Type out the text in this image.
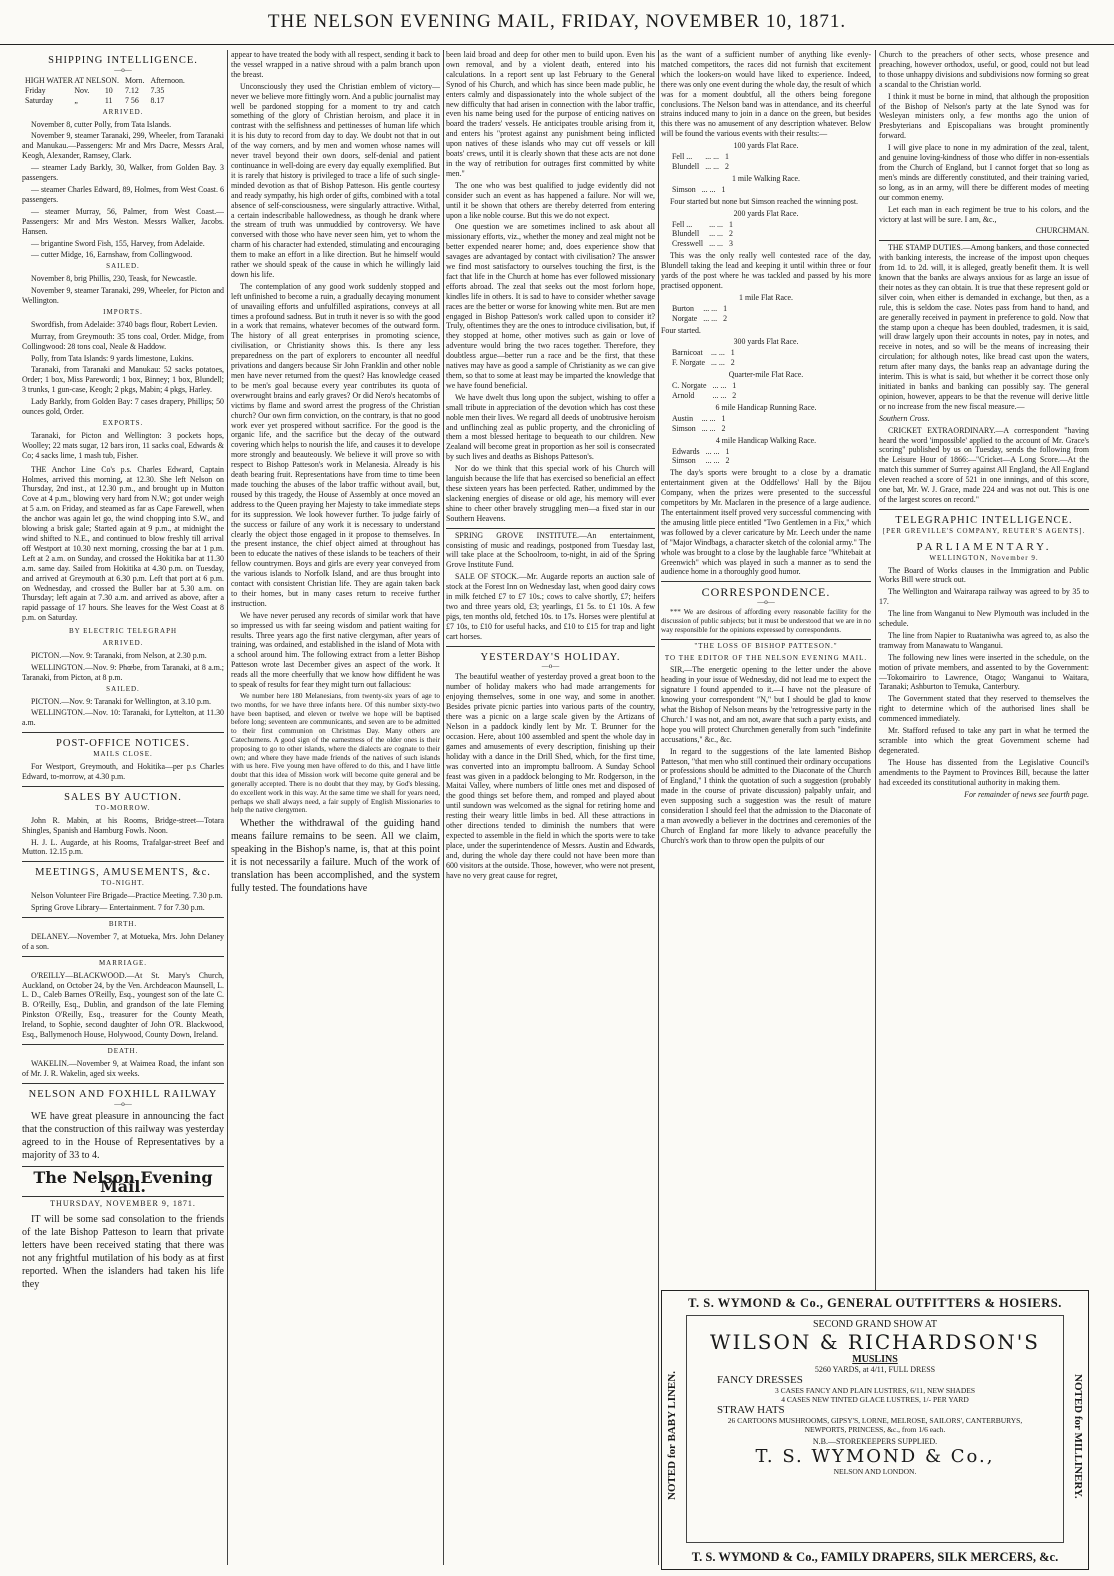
THE NELSON EVENING MAIL, FRIDAY, NOVEMBER 10, 1871.
SHIPPING INTELLIGENCE.
—o—
HIGH WATER AT NELSON.			Morn.	Afternoon.
Friday	Nov.	10	7.12	7.35
Saturday	„	11	7 56	8.17
ARRIVED.

November 8, cutter Polly, from Tata Islands.

November 9, steamer Taranaki, 299, Wheeler, from Taranaki and Manukau.—Passengers: Mr and Mrs Dacre, Messrs Aral, Keogh, Alexander, Ramsey, Clark.

— steamer Lady Barkly, 30, Walker, from Golden Bay. 3 passengers.

— steamer Charles Edward, 89, Holmes, from West Coast. 6 passengers.

— steamer Murray, 56, Palmer, from West Coast.—Passengers: Mr and Mrs Weston. Messrs Walker, Jacobs. Hansen.

— brigantine Sword Fish, 155, Harvey, from Adelaide.

— cutter Midge, 16, Earnshaw, from Collingwood.

SAILED.

November 8, brig Phillis, 230, Teask, for Newcastle.

November 9, steamer Taranaki, 299, Wheeler, for Picton and Wellington.

IMPORTS.

Swordfish, from Adelaide: 3740 bags flour, Robert Levien.

Murray, from Greymouth: 35 tons coal, Order. Midge, from Collingwood: 28 tons coal, Neale & Haddow.

Polly, from Tata Islands: 9 yards limestone, Lukins.

Taranaki, from Taranaki and Manukau: 52 sacks potatoes, Order; 1 box, Miss Parewordi; 1 box, Binney; 1 box, Blundell; 3 trunks, 1 gun-case, Keogh; 2 pkgs, Mabin; 4 pkgs, Harley.

Lady Barkly, from Golden Bay: 7 cases drapery, Phillips; 50 ounces gold, Order.

EXPORTS.

Taranaki, for Picton and Wellington: 3 pockets hops, Woolley; 22 mats sugar, 12 bars iron, 11 sacks coal, Edwards & Co; 4 sacks lime, 1 mash tub, Fisher.

THE Anchor Line Co's p.s. Charles Edward, Captain Holmes, arrived this morning, at 12.30. She left Nelson on Thursday, 2nd inst., at 12.30 p.m., and brought up in Mutton Cove at 4 p.m., blowing very hard from N.W.; got under weigh at 5 a.m. on Friday, and steamed as far as Cape Farewell, when the anchor was again let go, the wind chopping into S.W., and blowing a brisk gale; Started again at 9 p.m., at midnight the wind shifted to N.E., and continued to blow freshly till arrival off Westport at 10.30 next morning, crossing the bar at 1 p.m. Left at 2 a.m. on Sunday, and crossed the Hokitika bar at 11.30 a.m. same day. Sailed from Hokitika at 4.30 p.m. on Tuesday, and arrived at Greymouth at 6.30 p.m. Left that port at 6 p.m. on Wednesday, and crossed the Buller bar at 5.30 a.m. on Thursday; left again at 7.30 a.m. and arrived as above, after a rapid passage of 17 hours. She leaves for the West Coast at 8 p.m. on Saturday.

BY ELECTRIC TELEGRAPH
ARRIVED.

PICTON.—Nov. 9: Taranaki, from Nelson, at 2.30 p.m.

WELLINGTON.—Nov. 9: Phœbe, from Taranaki, at 8 a.m.; Taranaki, from Picton, at 8 p.m.

SAILED.

PICTON.—Nov. 9: Taranaki for Wellington, at 3.10 p.m.

WELLINGTON.—Nov. 10: Taranaki, for Lyttelton, at 11.30 a.m.

POST-OFFICE NOTICES.
MAILS CLOSE.

For Westport, Greymouth, and Hokitika—per p.s Charles Edward, to-morrow, at 4.30 p.m.

SALES BY AUCTION.
TO-MORROW.

John R. Mabin, at his Rooms, Bridge-street—Totara Shingles, Spanish and Hamburg Fowls. Noon.

H. J. L. Augarde, at his Rooms, Trafalgar-street Beef and Mutton. 12.15 p.m.

MEETINGS, AMUSEMENTS, &c.
TO-NIGHT.

Nelson Volunteer Fire Brigade—Practice Meeting. 7.30 p.m.

Spring Grove Library— Entertainment. 7 for 7.30 p.m.

BIRTH.

DELANEY.—November 7, at Motueka, Mrs. John Delaney of a son.

MARRIAGE.

O'REILLY—BLACKWOOD.—At St. Mary's Church, Auckland, on October 24, by the Ven. Archdeacon Maunsell, L. L. D., Caleb Barnes O'Reilly, Esq., youngest son of the late C. B. O'Reilly, Esq., Dublin, and grandson of the late Fleming Pinkston O'Reilly, Esq., treasurer for the County Meath, Ireland, to Sophie, second daughter of John O'R. Blackwood, Esq., Ballymenoch House, Holywood, County Down, Ireland.

DEATH.

WAKELIN.—November 9, at Waimea Road, the infant son of Mr. J. R. Wakelin, aged six weeks.

NELSON AND FOXHILL RAILWAY
—o—

WE have great pleasure in announcing the fact that the construction of this railway was yesterday agreed to in the House of Representatives by a majority of 33 to 4.

The Nelson Evening Mail.
THURSDAY, NOVEMBER 9, 1871.

IT will be some sad consolation to the friends of the late Bishop Patteson to learn that private letters have been received stating that there was not any frightful mutilation of his body as at first reported. When the islanders had taken his life they

appear to have treated the body with all respect, sending it back to the vessel wrapped in a native shroud with a palm branch upon the breast.

Unconsciously they used the Christian emblem of victory—never we believe more fittingly worn. And a public journalist may well be pardoned stopping for a moment to try and catch something of the glory of Christian heroism, and place it in contrast with the selfishness and pettinesses of human life which it is his duty to record from day to day. We doubt not that in out of the way corners, and by men and women whose names will never travel beyond their own doors, self-denial and patient continuance in well-doing are every day equally exemplified. But it is rarely that history is privileged to trace a life of such single-minded devotion as that of Bishop Patteson. His gentle courtesy and ready sympathy, his high order of gifts, combined with a total absence of self-consciousness, were singularly attractive. Withal, a certain indescribable hallowedness, as though he drank where the stream of truth was unmuddied by controversy. We have conversed with those who have never seen him, yet to whom the charm of his character had extended, stimulating and encouraging them to make an effort in a like direction. But he himself would rather we should speak of the cause in which he willingly laid down his life.

The contemplation of any good work suddenly stopped and left unfinished to become a ruin, a gradually decaying monument of unavailing efforts and unfulfilled aspirations, conveys at all times a profound sadness. But in truth it never is so with the good in a work that remains, whatever becomes of the outward form. The history of all great enterprises in promoting science, civilisation, or Christianity shows this. Is there any less preparedness on the part of explorers to encounter all needful privations and dangers because Sir John Franklin and other noble men have never returned from the quest? Has knowledge ceased to be men's goal because every year contributes its quota of overwrought brains and early graves? Or did Nero's hecatombs of victims by flame and sword arrest the progress of the Christian church? Our own firm conviction, on the contrary, is that no good work ever yet prospered without sacrifice. For the good is the organic life, and the sacrifice but the decay of the outward covering which helps to nourish the life, and causes it to develope more strongly and beauteously. We believe it will prove so with respect to Bishop Patteson's work in Melanesia. Already is his death bearing fruit. Representations have from time to time been made touching the abuses of the labor traffic without avail, but, roused by this tragedy, the House of Assembly at once moved an address to the Queen praying her Majesty to take immediate steps for its suppression. We look however further. To judge fairly of the success or failure of any work it is necessary to understand clearly the object those engaged in it propose to themselves. In the present instance, the chief object aimed at throughout has been to educate the natives of these islands to be teachers of their fellow countrymen. Boys and girls are every year conveyed from the various islands to Norfolk Island, and are thus brought into contact with consistent Christian life. They are again taken back to their homes, but in many cases return to receive further instruction.

We have never perused any records of similar work that have so impressed us with far seeing wisdom and patient waiting for results. Three years ago the first native clergyman, after years of training, was ordained, and established in the island of Mota with a school around him. The following extract from a letter Bishop Patteson wrote last December gives an aspect of the work. It reads all the more cheerfully that we know how diffident he was to speak of results for fear they might turn out fallacious:

We number here 180 Melanesians, from twenty-six years of age to two months, for we have three infants here. Of this number sixty-two have been baptised, and eleven or twelve we hope will be baptised before long; seventeen are communicants, and seven are to be admitted to their first communion on Christmas Day. Many others are Catechumens. A good sign of the earnestness of the older ones is their proposing to go to other islands, where the dialects are cognate to their own; and where they have made friends of the natives of such islands with us here. Five young men have offered to do this, and I have little doubt that this idea of Mission work will become quite general and be generally accepted. There is no doubt that they may, by God's blessing, do excellent work in this way. At the same time we shall for years need, perhaps we shall always need, a fair supply of English Missionaries to help the native clergymen.

Whether the withdrawal of the guiding hand means failure remains to be seen. All we claim, speaking in the Bishop's name, is, that at this point it is not necessarily a failure. Much of the work of translation has been accomplished, and the system fully tested. The foundations have

been laid broad and deep for other men to build upon. Even his own removal, and by a violent death, entered into his calculations. In a report sent up last February to the General Synod of his Church, and which has since been made public, he enters calmly and dispassionately into the whole subject of the new difficulty that had arisen in connection with the labor traffic, even his name being used for the purpose of enticing natives on board the traders' vessels. He anticipates trouble arising from it, and enters his "protest against any punishment being inflicted upon natives of these islands who may cut off vessels or kill boats' crews, until it is clearly shown that these acts are not done in the way of retribution for outrages first committed by white men."

The one who was best qualified to judge evidently did not consider such an event as has happened a failure. Nor will we, until it be shown that others are thereby deterred from entering upon a like noble course. But this we do not expect.

One question we are sometimes inclined to ask about all missionary efforts, viz., whether the money and zeal might not be better expended nearer home; and, does experience show that savages are advantaged by contact with civilisation? The answer we find most satisfactory to ourselves touching the first, is the fact that life in the Church at home has ever followed missionary efforts abroad. The zeal that seeks out the most forlorn hope, kindles life in others. It is sad to have to consider whether savage races are the better or worse for knowing white men. But are men engaged in Bishop Patteson's work called upon to consider it? Truly, oftentimes they are the ones to introduce civilisation, but, if they stopped at home, other motives such as gain or love of adventure would bring the two races together. Therefore, they doubtless argue—better run a race and be the first, that these natives may have as good a sample of Christianity as we can give them, so that to some at least may be imparted the knowledge that we have found beneficial.

We have dwelt thus long upon the subject, wishing to offer a small tribute in appreciation of the devotion which has cost these noble men their lives. We regard all deeds of unobtrusive heroism and unflinching zeal as public property, and the chronicling of them a most blessed heritage to bequeath to our children. New Zealand will become great in proportion as her soil is consecrated by such lives and deaths as Bishops Patteson's.

Nor do we think that this special work of his Church will languish because the life that has exercised so beneficial an effect these sixteen years has been perfected. Rather, undimmed by the slackening energies of disease or old age, his memory will ever shine to cheer other bravely struggling men—a fixed star in our Southern Heavens.

SPRING GROVE INSTITUTE.—An entertainment, consisting of music and readings, postponed from Tuesday last, will take place at the Schoolroom, to-night, in aid of the Spring Grove Institute Fund.

SALE OF STOCK.—Mr. Augarde reports an auction sale of stock at the Forest Inn on Wednesday last, when good dairy cows in milk fetched £7 to £7 10s.; cows to calve shortly, £7; heifers two and three years old, £3; yearlings, £1 5s. to £1 10s. A few pigs, ten months old, fetched 10s. to 17s. Horses were plentiful at £7 10s, to £10 for useful hacks, and £10 to £15 for trap and light cart horses.

YESTERDAY'S HOLIDAY.
—o—

The beautiful weather of yesterday proved a great boon to the number of holiday makers who had made arrangements for enjoying themselves, some in one way, and some in another. Besides private picnic parties into various parts of the country, there was a picnic on a large scale given by the Artizans of Nelson in a paddock kindly lent by Mr. T. Brunner for the occasion. Here, about 100 assembled and spent the whole day in games and amusements of every description, finishing up their holiday with a dance in the Drill Shed, which, for the first time, was converted into an impromptu ballroom. A Sunday School feast was given in a paddock belonging to Mr. Rodgerson, in the Maitai Valley, where numbers of little ones met and disposed of the good things set before them, and romped and played about until sundown was welcomed as the signal for retiring home and resting their weary little limbs in bed. All these attractions in other directions tended to diminish the numbers that were expected to assemble in the field in which the sports were to take place, under the superintendence of Messrs. Austin and Edwards, and, during the whole day there could not have been more than 600 visitors at the outside. Those, however, who were not present, have no very great cause for regret,

as the want of a sufficient number of anything like evenly-matched competitors, the races did not furnish that excitement which the lookers-on would have liked to experience. Indeed, there was only one event during the whole day, the result of which was for a moment doubtful, all the others being foregone conclusions. The Nelson band was in attendance, and its cheerful strains induced many to join in a dance on the green, but besides this there was no amusement of any description whatever. Below will be found the various events with their results:—

100 yards Flat Race.
Fell ...	... ...	1
Blundell	... ...	2
1 mile Walking Race.
Simson	... ...	1

Four started but none but Simson reached the winning post.

200 yards Flat Race.
Fell ...	... ...	1
Blundell	... ...	2
Cresswell	... ...	3

This was the only really well contested race of the day, Blundell taking the lead and keeping it until within three or four yards of the post where he was tackled and passed by his more practised opponent.

1 mile Flat Race.
Burton	... ...	1
Norgate	... ...	2

Four started.

300 yards Flat Race.
Barnicoat	... ...	1
F. Norgate	... ...	2
Quarter-mile Flat Race.
C. Norgate	... ...	1
Arnold	... ...	2
6 mile Handicap Running Race.
Austin	... ...	1
Simson	... ...	2
4 mile Handicap Walking Race.
Edwards	... ...	1
Simson	... ...	2

The day's sports were brought to a close by a dramatic entertainment given at the Oddfellows' Hall by the Bijou Company, when the prizes were presented to the successful competitors by Mr. Maclaren in the presence of a large audience. The entertainment itself proved very successful commencing with the amusing little piece entitled "Two Gentlemen in a Fix," which was followed by a clever caricature by Mr. Leech under the name of "Major Windbags, a character sketch of the colonial army." The whole was brought to a close by the laughable farce "Whitebait at Greenwich" which was played in such a manner as to send the audience home in a thoroughly good humor.

CORRESPONDENCE.
—o—

*** We are desirous of affording every reasonable facility for the discussion of public subjects; but it must be understood that we are in no way responsible for the opinions expressed by correspondents.

"THE LOSS OF BISHOP PATTESON."
TO THE EDITOR OF THE NELSON EVENING MAIL.

SIR,—The energetic opening to the letter under the above heading in your issue of Wednesday, did not lead me to expect the signature I found appended to it.—I have not the pleasure of knowing your correspondent "N," but I should be glad to know what the Bishop of Nelson means by the 'retrogressive party in the Church.' I was not, and am not, aware that such a party exists, and hope you will protect Churchmen generally from such "indefinite accusations," &c., &c.

In regard to the suggestions of the late lamented Bishop Patteson, "that men who still continued their ordinary occupations or professions should be admitted to the Diaconate of the Church of England," I think the quotation of such a suggestion (probably made in the course of private discussion) palpably unfair, and even supposing such a suggestion was the result of mature consideration I should feel that the admission to the Diaconate of a man avowedly a believer in the doctrines and ceremonies of the Church of England far more likely to advance peacefully the Church's work than to throw open the pulpits of our

Church to the preachers of other sects, whose presence and preaching, however orthodox, useful, or good, could not but lead to those unhappy divisions and subdivisions now forming so great a scandal to the Christian world.

I think it must be borne in mind, that although the proposition of the Bishop of Nelson's party at the late Synod was for Wesleyan ministers only, a few months ago the union of Presbyterians and Episcopalians was brought prominently forward.

I will give place to none in my admiration of the zeal, talent, and genuine loving-kindness of those who differ in non-essentials from the Church of England, but I cannot forget that so long as men's minds are differently constituted, and their training varied, so long, as in an army, will there be different modes of meeting our common enemy.

Let each man in each regiment be true to his colors, and the victory at last will be sure. I am, &c.,

CHURCHMAN.

THE STAMP DUTIES.—Among bankers, and those connected with banking interests, the increase of the impost upon cheques from 1d. to 2d. will, it is alleged, greatly benefit them. It is well known that the banks are always anxious for as large an issue of their notes as they can obtain. It is true that these represent gold or silver coin, when either is demanded in exchange, but then, as a rule, this is seldom the case. Notes pass from hand to hand, and are generally received in payment in preference to gold. Now that the stamp upon a cheque has been doubled, tradesmen, it is said, will draw largely upon their accounts in notes, pay in notes, and receive in notes, and so will be the means of increasing their circulation; for although notes, like bread cast upon the waters, return after many days, the banks reap an advantage during the interim. This is what is said, but whether it be correct those only initiated in banks and banking can possibly say. The general opinion, however, appears to be that the revenue will derive little or no increase from the new fiscal measure.—

Southern Cross.

CRICKET EXTRAORDINARY.—A correspondent "having heard the word 'impossible' applied to the account of Mr. Grace's scoring" published by us on Tuesday, sends the following from the Leisure Hour of 1866:—"Cricket—A Long Score.—At the match this summer of Surrey against All England, the All England eleven reached a score of 521 in one innings, and of this score, one bat, Mr. W. J. Grace, made 224 and was not out. This is one of the largest scores on record."

TELEGRAPHIC INTELLIGENCE.
[PER GREVILLE'S COMPANY, REUTER'S AGENTS].
PARLIAMENTARY.
WELLINGTON, November 9.

The Board of Works clauses in the Immigration and Public Works Bill were struck out.

The Wellington and Wairarapa railway was agreed to by 35 to 17.

The line from Wanganui to New Plymouth was included in the schedule.

The line from Napier to Ruataniwha was agreed to, as also the tramway from Manawatu to Wanganui.

The following new lines were inserted in the schedule, on the motion of private members, and assented to by the Government:—Tokomairiro to Lawrence, Otago; Wanganui to Waitara, Taranaki; Ashburton to Temuka, Canterbury.

The Government stated that they reserved to themselves the right to determine which of the authorised lines shall be commenced immediately.

Mr. Stafford refused to take any part in what he termed the scramble into which the great Government scheme had degenerated.

The House has dissented from the Legislative Council's amendments to the Payment to Provinces Bill, because the latter had exceeded its constitutional authority in making them.

For remainder of news see fourth page.

T. S. WYMOND & Co., GENERAL OUTFITTERS & HOSIERS.
NOTED for BABY LINEN.	NOTED for MILLINERY.
SECOND GRAND SHOW AT
WILSON & RICHARDSON'S
MUSLINS
5260 YARDS, at 4/11, FULL DRESS
FANCY DRESSES
3 CASES FANCY AND PLAIN LUSTRES, 6/11, NEW SHADES
4 CASES NEW TINTED GLACE LUSTRES, 1/- PER YARD
STRAW HATS
26 CARTOONS MUSHROOMS, GIPSY'S, LORNE, MELROSE, SAILORS', CANTERBURYS, NEWPORTS, PRINCESS, &c., from 1/6 each.
N.B.—STOREKEEPERS SUPPLIED.
T. S. WYMOND & Co.,
NELSON AND LONDON.
T. S. WYMOND & Co., FAMILY DRAPERS, SILK MERCERS, &c.
